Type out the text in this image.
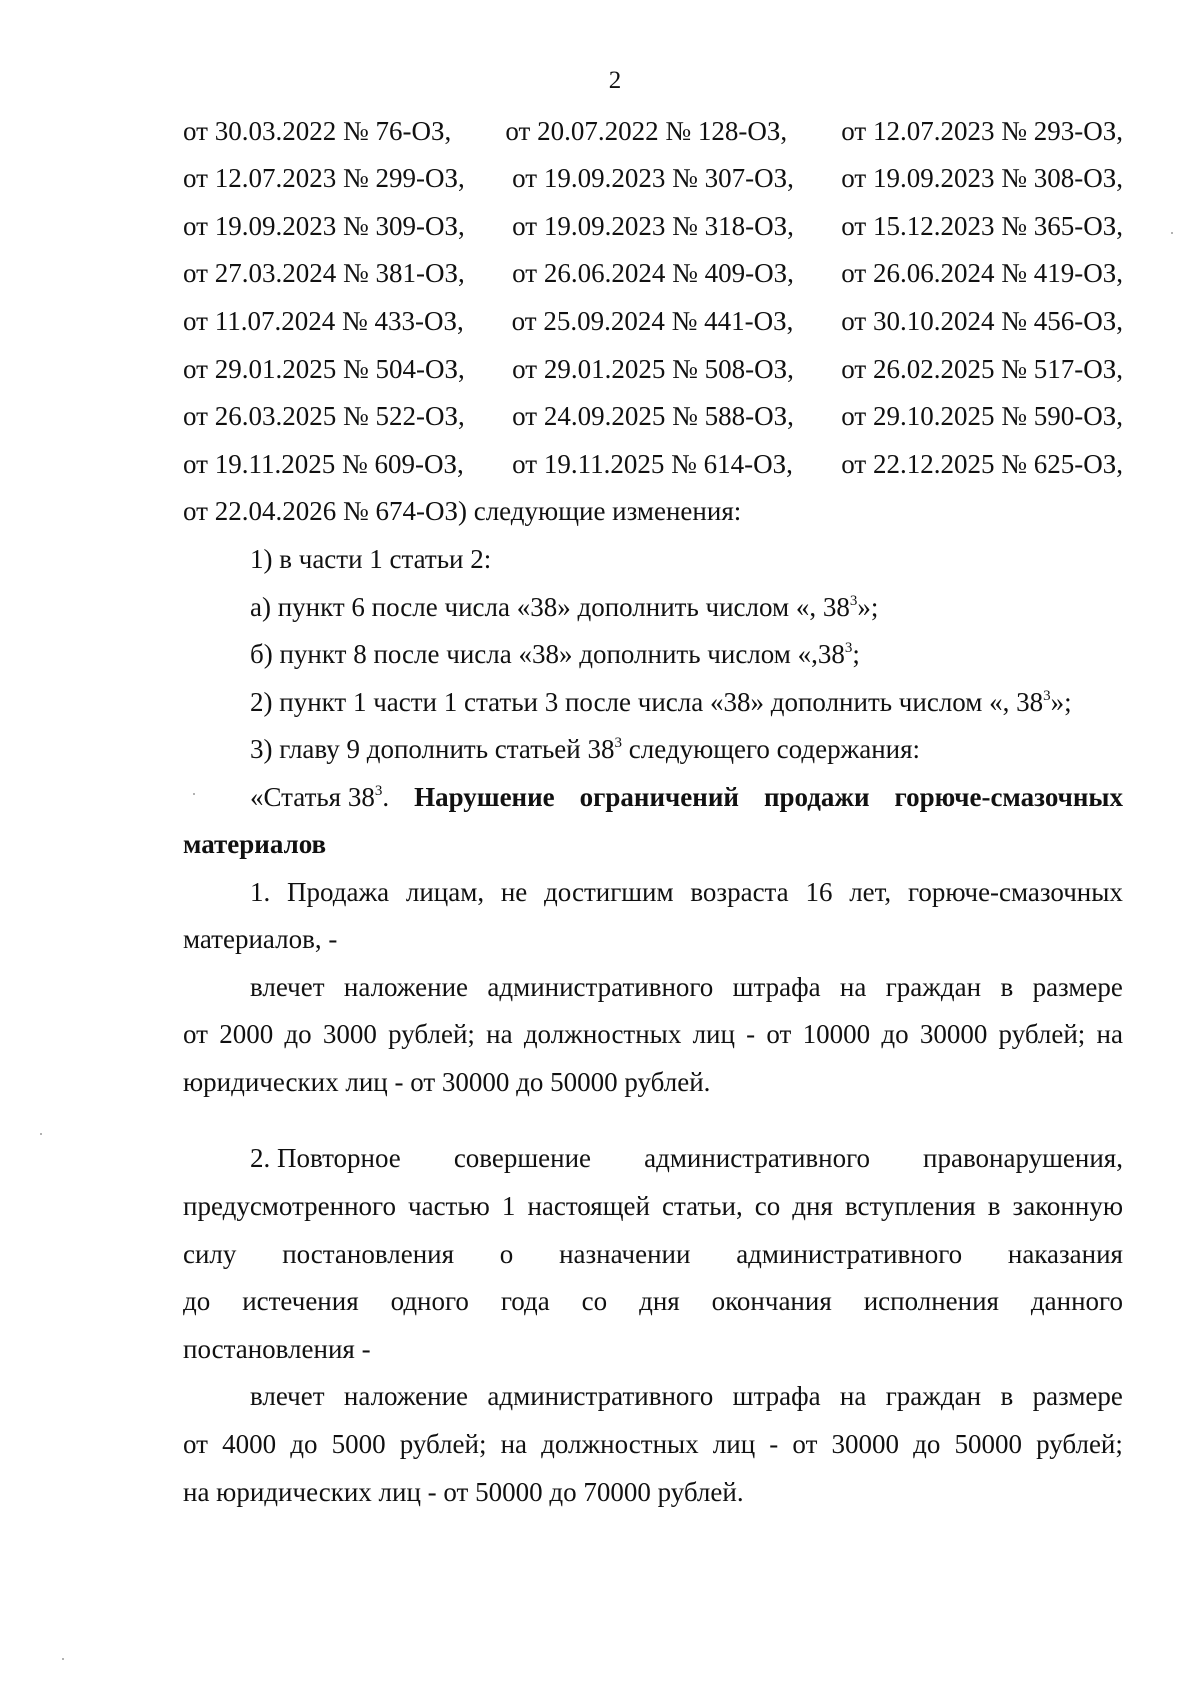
2
от 30.03.2022 № 76-ОЗ, от 20.07.2022 № 128-ОЗ, от 12.07.2023 № 293-ОЗ,
от 12.07.2023 № 299-ОЗ, от 19.09.2023 № 307-ОЗ, от 19.09.2023 № 308-ОЗ,
от 19.09.2023 № 309-ОЗ, от 19.09.2023 № 318-ОЗ, от 15.12.2023 № 365-ОЗ,
от 27.03.2024 № 381-ОЗ, от 26.06.2024 № 409-ОЗ, от 26.06.2024 № 419-ОЗ,
от 11.07.2024 № 433-ОЗ, от 25.09.2024 № 441-ОЗ, от 30.10.2024 № 456-ОЗ,
от 29.01.2025 № 504-ОЗ, от 29.01.2025 № 508-ОЗ, от 26.02.2025 № 517-ОЗ,
от 26.03.2025 № 522-ОЗ, от 24.09.2025 № 588-ОЗ, от 29.10.2025 № 590-ОЗ,
от 19.11.2025 № 609-ОЗ, от 19.11.2025 № 614-ОЗ, от 22.12.2025 № 625-ОЗ,
от 22.04.2026 № 674-ОЗ) следующие изменения:
1) в части 1 статьи 2:
а) пункт 6 после числа «38» дополнить числом «, $38^3$»;
б) пункт 8 после числа «38» дополнить числом «$,38^3$;
2) пункт 1 части 1 статьи 3 после числа «38» дополнить числом «, $38^3$»;
3) главу 9 дополнить статьей $38^3$ следующего содержания:
«Статья $38^3$. Нарушение ограничений продажи горюче-смазочных
материалов
1. Продажа лицам, не достигшим возраста 16 лет, горюче-смазочных
материалов, -
влечет наложение административного штрафа на граждан в размере
от 2000 до 3000 рублей; на должностных лиц - от 10000 до 30000 рублей; на
юридических лиц - от 30000 до 50000 рублей.
2. Повторное совершение административного правонарушения,
предусмотренного частью 1 настоящей статьи, со дня вступления в законную
силу постановления о назначении административного наказания
до истечения одного года со дня окончания исполнения данного
постановления -
влечет наложение административного штрафа на граждан в размере
от 4000 до 5000 рублей; на должностных лиц - от 30000 до 50000 рублей;
на юридических лиц - от 50000 до 70000 рублей.
